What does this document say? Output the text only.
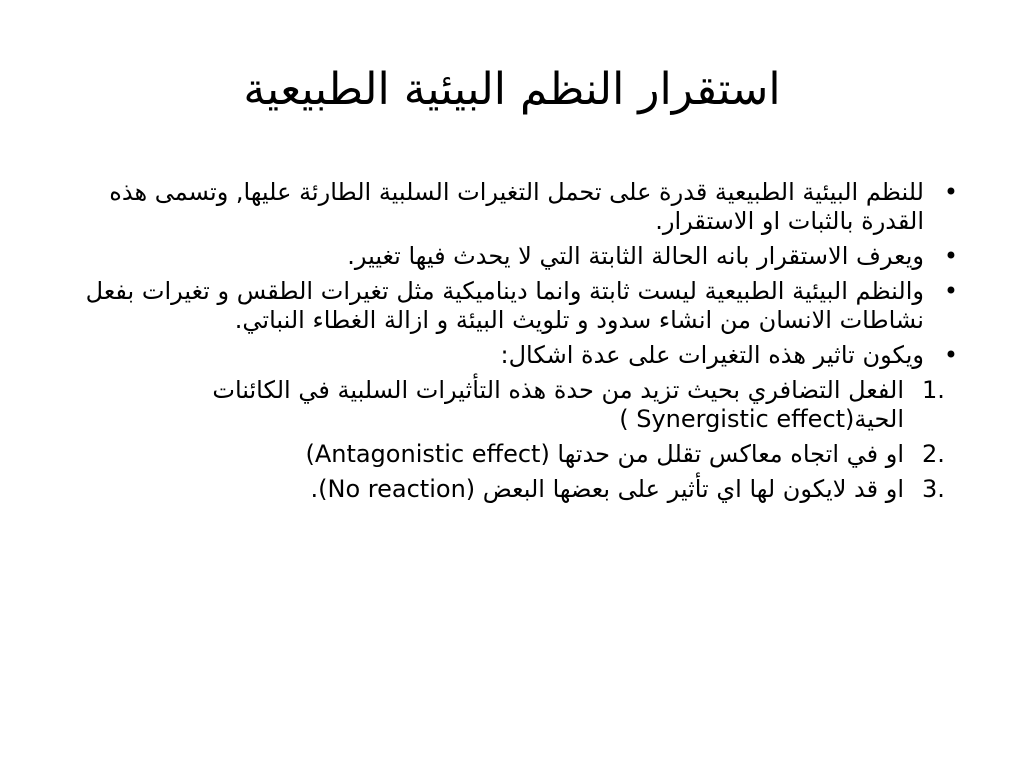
استقرار النظم البيئية الطبيعية
•
للنظم البيئية الطبيعية قدرة على تحمل التغيرات السلبية الطارئة عليها, وتسمى هذه القدرة بالثبات او الاستقرار.
•
ويعرف الاستقرار بانه الحالة الثابتة التي لا يحدث فيها تغيير.
•
والنظم البيئية الطبيعية ليست ثابتة وانما ديناميكية مثل تغيرات الطقس و تغيرات بفعل نشاطات الانسان من انشاء سدود و تلويث البيئة و ازالة الغطاء النباتي.
•
ويكون تاثير هذه التغيرات على عدة اشكال:
1.
الفعل التضافري بحيث تزيد من حدة هذه التأثيرات السلبية في الكائنات الحية(Synergistic effect )
2.
او في اتجاه معاكس تقلل من حدتها (Antagonistic effect)
3.
او قد لايكون لها اي تأثير على بعضها البعض (No reaction).
